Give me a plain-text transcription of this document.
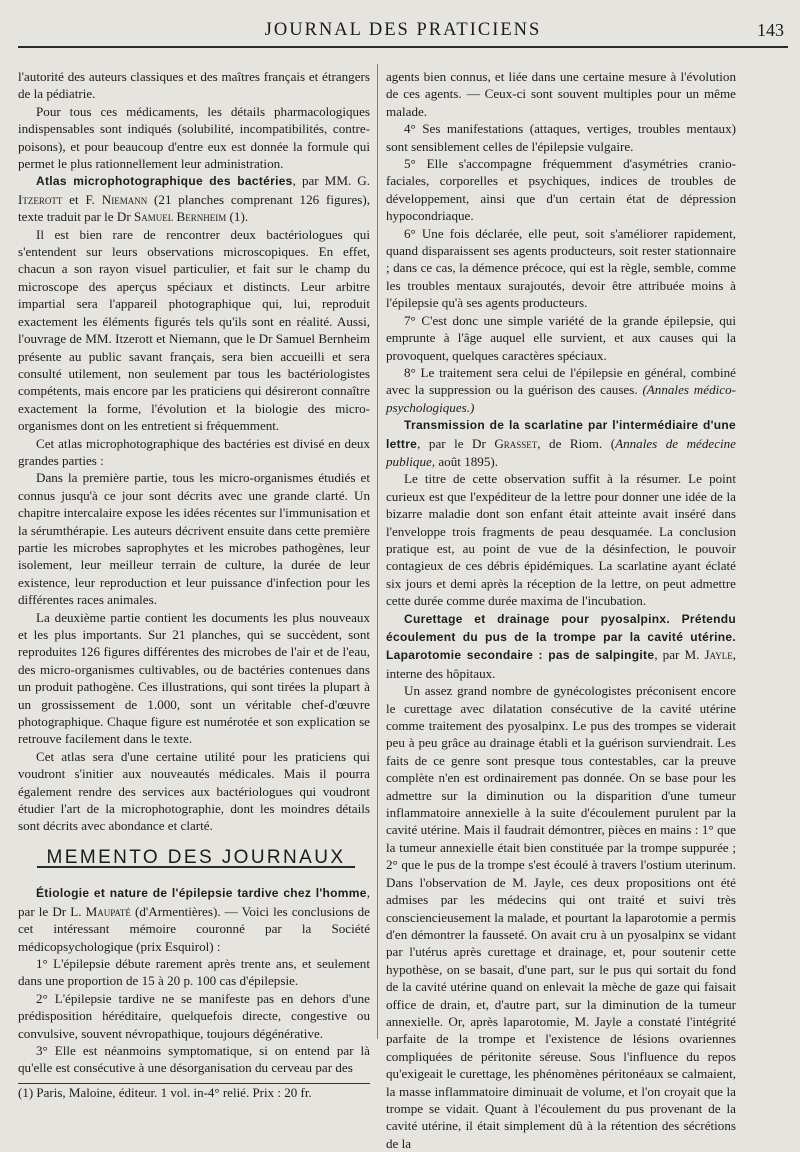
JOURNAL DES PRATICIENS	143

l'autorité des auteurs classiques et des maîtres français et étrangers de la pédiatrie.

Pour tous ces médicaments, les détails pharmacologiques indispensables sont indiqués (solubilité, incompatibilités, contre-poisons), et pour beaucoup d'entre eux est donnée la formule qui permet le plus rationnellement leur administration.

Atlas microphotographique des bactéries, par MM. G. Itzerott et F. Niemann (21 planches comprenant 126 figures), texte traduit par le Dr Samuel Bernheim (1).

Il est bien rare de rencontrer deux bactériologues qui s'entendent sur leurs observations microscopiques. En effet, chacun a son rayon visuel particulier, et fait sur le champ du microscope des aperçus spéciaux et distincts. Leur arbitre impartial sera l'appareil photographique qui, lui, reproduit exactement les éléments figurés tels qu'ils sont en réalité. Aussi, l'ouvrage de MM. Itzerott et Niemann, que le Dr Samuel Bernheim présente au public savant français, sera bien accueilli et sera consulté utilement, non seulement par tous les bactériologistes compétents, mais encore par les praticiens qui désireront connaître exactement la forme, l'évolution et la biologie des micro-organismes dont on les entretient si fréquemment.

Cet atlas microphotographique des bactéries est divisé en deux grandes parties :

Dans la première partie, tous les micro-organismes étudiés et connus jusqu'à ce jour sont décrits avec une grande clarté. Un chapitre intercalaire expose les idées récentes sur l'immunisation et la sérumthérapie. Les auteurs décrivent ensuite dans cette première partie les microbes saprophytes et les microbes pathogènes, leur isolement, leur meilleur terrain de culture, la durée de leur existence, leur reproduction et leur puissance d'infection pour les différentes races animales.

La deuxième partie contient les documents les plus nouveaux et les plus importants. Sur 21 planches, qui se succèdent, sont reproduites 126 figures différentes des microbes de l'air et de l'eau, des micro-organismes cultivables, ou de bactéries contenues dans un produit pathogène. Ces illustrations, qui sont tirées la plupart à un grossissement de 1.000, sont un véritable chef-d'œuvre photographique. Chaque figure est numérotée et son explication se retrouve facilement dans le texte.

Cet atlas sera d'une certaine utilité pour les praticiens qui voudront s'initier aux nouveautés médicales. Mais il pourra également rendre des services aux bactériologues qui voudront étudier l'art de la microphotographie, dont les moindres détails sont décrits avec abondance et clarté.

MEMENTO DES JOURNAUX

Étiologie et nature de l'épilepsie tardive chez l'homme, par le Dr L. Maupaté (d'Armentières). — Voici les conclusions de cet intéressant mémoire couronné par la Société médicopsychologique (prix Esquirol) :

1° L'épilepsie débute rarement après trente ans, et seulement dans une proportion de 15 à 20 p. 100 cas d'épilepsie.

2° L'épilepsie tardive ne se manifeste pas en dehors d'une prédisposition héréditaire, quelquefois directe, congestive ou convulsive, souvent névropathique, toujours dégénérative.

3° Elle est néanmoins symptomatique, si on entend par là qu'elle est consécutive à une désorganisation du cerveau par des

(1) Paris, Maloine, éditeur. 1 vol. in-4° relié. Prix : 20 fr.

agents bien connus, et liée dans une certaine mesure à l'évolution de ces agents. — Ceux-ci sont souvent multiples pour un même malade.

4° Ses manifestations (attaques, vertiges, troubles mentaux) sont sensiblement celles de l'épilepsie vulgaire.

5° Elle s'accompagne fréquemment d'asymétries cranio-faciales, corporelles et psychiques, indices de troubles de développement, ainsi que d'un certain état de dépression hypocondriaque.

6° Une fois déclarée, elle peut, soit s'améliorer rapidement, quand disparaissent ses agents producteurs, soit rester stationnaire ; dans ce cas, la démence précoce, qui est la règle, semble, comme les troubles mentaux surajoutés, devoir être attribuée moins à l'épilepsie qu'à ses agents producteurs.

7° C'est donc une simple variété de la grande épilepsie, qui emprunte à l'âge auquel elle survient, et aux causes qui la provoquent, quelques caractères spéciaux.

8° Le traitement sera celui de l'épilepsie en général, combiné avec la suppression ou la guérison des causes. (Annales médico-psychologiques.)

Transmission de la scarlatine par l'intermédiaire d'une lettre, par le Dr Grasset, de Riom. (Annales de médecine publique, août 1895).

Le titre de cette observation suffit à la résumer. Le point curieux est que l'expéditeur de la lettre pour donner une idée de la bizarre maladie dont son enfant était atteinte avait inséré dans l'enveloppe trois fragments de peau desquamée. La conclusion pratique est, au point de vue de la désinfection, le pouvoir contagieux de ces débris épidémiques. La scarlatine ayant éclaté six jours et demi après la réception de la lettre, on peut admettre cette durée comme durée maxima de l'incubation.

Curettage et drainage pour pyosalpinx. Prétendu écoulement du pus de la trompe par la cavité utérine. Laparotomie secondaire : pas de salpingite, par M. Jayle, interne des hôpitaux.

Un assez grand nombre de gynécologistes préconisent encore le curettage avec dilatation consécutive de la cavité utérine comme traitement des pyosalpinx. Le pus des trompes se viderait peu à peu grâce au drainage établi et la guérison surviendrait. Les faits de ce genre sont presque tous contestables, car la preuve complète n'en est ordinairement pas donnée. On se base pour les admettre sur la diminution ou la disparition d'une tumeur inflammatoire annexielle à la suite d'écoulement purulent par la cavité utérine. Mais il faudrait démontrer, pièces en mains : 1° que la tumeur annexielle était bien constituée par la trompe suppurée ; 2° que le pus de la trompe s'est écoulé à travers l'ostium uterinum. Dans l'observation de M. Jayle, ces deux propositions ont été admises par les médecins qui ont traité et suivi très consciencieusement la malade, et pourtant la laparotomie a permis d'en démontrer la fausseté. On avait cru à un pyosalpinx se vidant par l'utérus après curettage et drainage, et, pour soutenir cette hypothèse, on se basait, d'une part, sur le pus qui sortait du fond de la cavité utérine quand on enlevait la mèche de gaze qui faisait office de drain, et, d'autre part, sur la diminution de la tumeur annexielle. Or, après laparotomie, M. Jayle a constaté l'intégrité parfaite de la trompe et l'existence de lésions ovariennes compliquées de péritonite séreuse. Sous l'influence du repos qu'exigeait le curettage, les phénomènes péritonéaux se calmaient, la masse inflammatoire diminuait de volume, et l'on croyait que la trompe se vidait. Quant à l'écoulement du pus provenant de la cavité utérine, il était simplement dû à la rétention des sécrétions de la
